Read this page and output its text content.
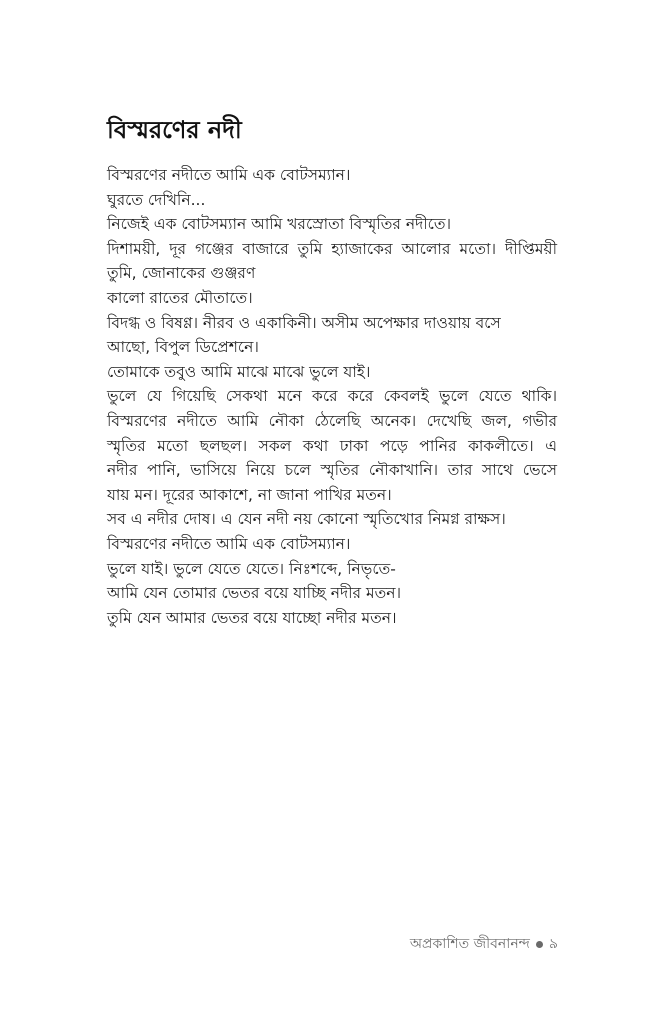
বিস্মরণের নদী
বিস্মরণের নদীতে আমি এক বোটসম্যান।
ঘুরতে দেখিনি...
নিজেই এক বোটসম্যান আমি খরস্রোতা বিস্মৃতির নদীতে।
দিশাময়ী, দূর গঞ্জের বাজারে তুমি হ্যাজাকের আলোর মতো। দীপ্তিময়ী
তুমি, জোনাকের গুঞ্জরণ
কালো রাতের মৌতাতে।
বিদগ্ধ ও বিষণ্ণ। নীরব ও একাকিনী। অসীম অপেক্ষার দাওয়ায় বসে
আছো, বিপুল ডিপ্রেশনে।
তোমাকে তবুও আমি মাঝে মাঝে ভুলে যাই।
ভুলে যে গিয়েছি সেকথা মনে করে করে কেবলই ভুলে যেতে থাকি।
বিস্মরণের নদীতে আমি নৌকা ঠেলেছি অনেক। দেখেছি জল, গভীর
স্মৃতির মতো ছলছল। সকল কথা ঢাকা পড়ে পানির কাকলীতে। এ
নদীর পানি, ভাসিয়ে নিয়ে চলে স্মৃতির নৌকাখানি। তার সাথে ভেসে
যায় মন। দূরের আকাশে, না জানা পাখির মতন।
সব এ নদীর দোষ। এ যেন নদী নয় কোনো স্মৃতিখোর নিমগ্ন রাক্ষস।
বিস্মরণের নদীতে আমি এক বোটসম্যান।
ভুলে যাই। ভুলে যেতে যেতে। নিঃশব্দে, নিভৃতে-
আমি যেন তোমার ভেতর বয়ে যাচ্ছি নদীর মতন।
তুমি যেন আমার ভেতর বয়ে যাচ্ছো নদীর মতন।
অপ্রকাশিত জীবনানন্দ ৯
